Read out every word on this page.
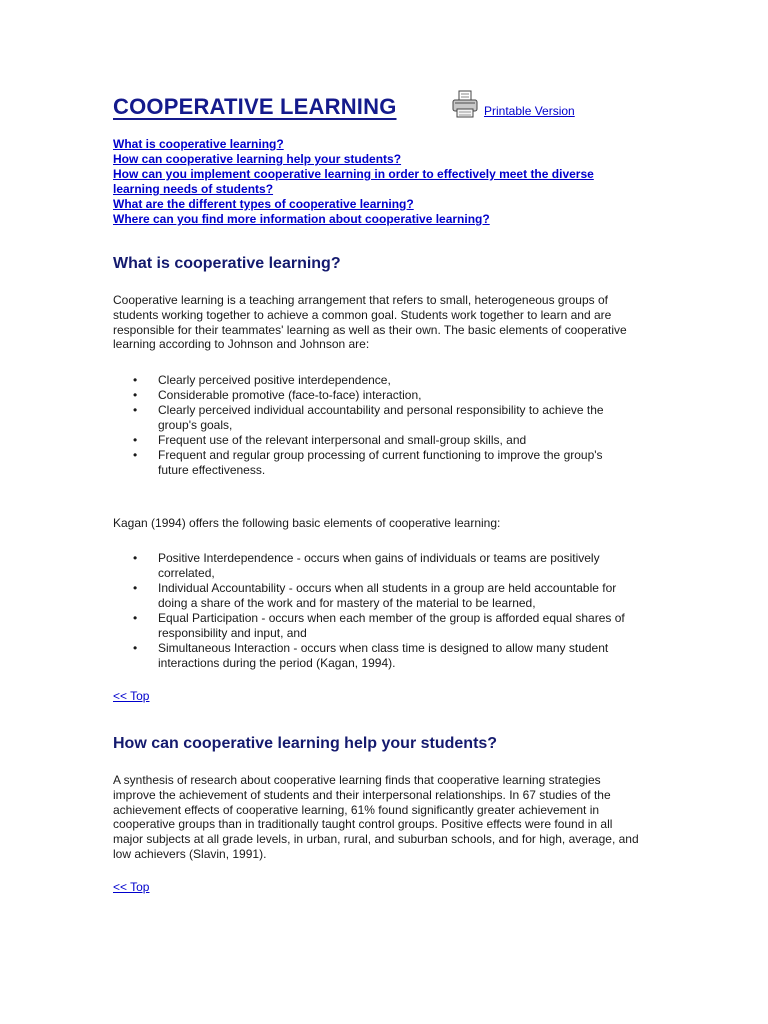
COOPERATIVE LEARNING	Printable Version
What is cooperative learning?
How can cooperative learning help your students?
How can you implement cooperative learning in order to effectively meet the diverse learning needs of students?
What are the different types of cooperative learning?
Where can you find more information about cooperative learning?
What is cooperative learning?

Cooperative learning is a teaching arrangement that refers to small, heterogeneous groups of students working together to achieve a common goal. Students work together to learn and are responsible for their teammates' learning as well as their own. The basic elements of cooperative learning according to Johnson and Johnson are:

• Clearly perceived positive interdependence,
• Considerable promotive (face-to-face) interaction,
• Clearly perceived individual accountability and personal responsibility to achieve the group's goals,
• Frequent use of the relevant interpersonal and small-group skills, and
• Frequent and regular group processing of current functioning to improve the group's future effectiveness.

Kagan (1994) offers the following basic elements of cooperative learning:

• Positive Interdependence - occurs when gains of individuals or teams are positively correlated,
• Individual Accountability - occurs when all students in a group are held accountable for doing a share of the work and for mastery of the material to be learned,
• Equal Participation - occurs when each member of the group is afforded equal shares of responsibility and input, and
• Simultaneous Interaction - occurs when class time is designed to allow many student interactions during the period (Kagan, 1994).
<< Top
How can cooperative learning help your students?

A synthesis of research about cooperative learning finds that cooperative learning strategies improve the achievement of students and their interpersonal relationships. In 67 studies of the achievement effects of cooperative learning, 61% found significantly greater achievement in cooperative groups than in traditionally taught control groups. Positive effects were found in all major subjects at all grade levels, in urban, rural, and suburban schools, and for high, average, and low achievers (Slavin, 1991).

<< Top
